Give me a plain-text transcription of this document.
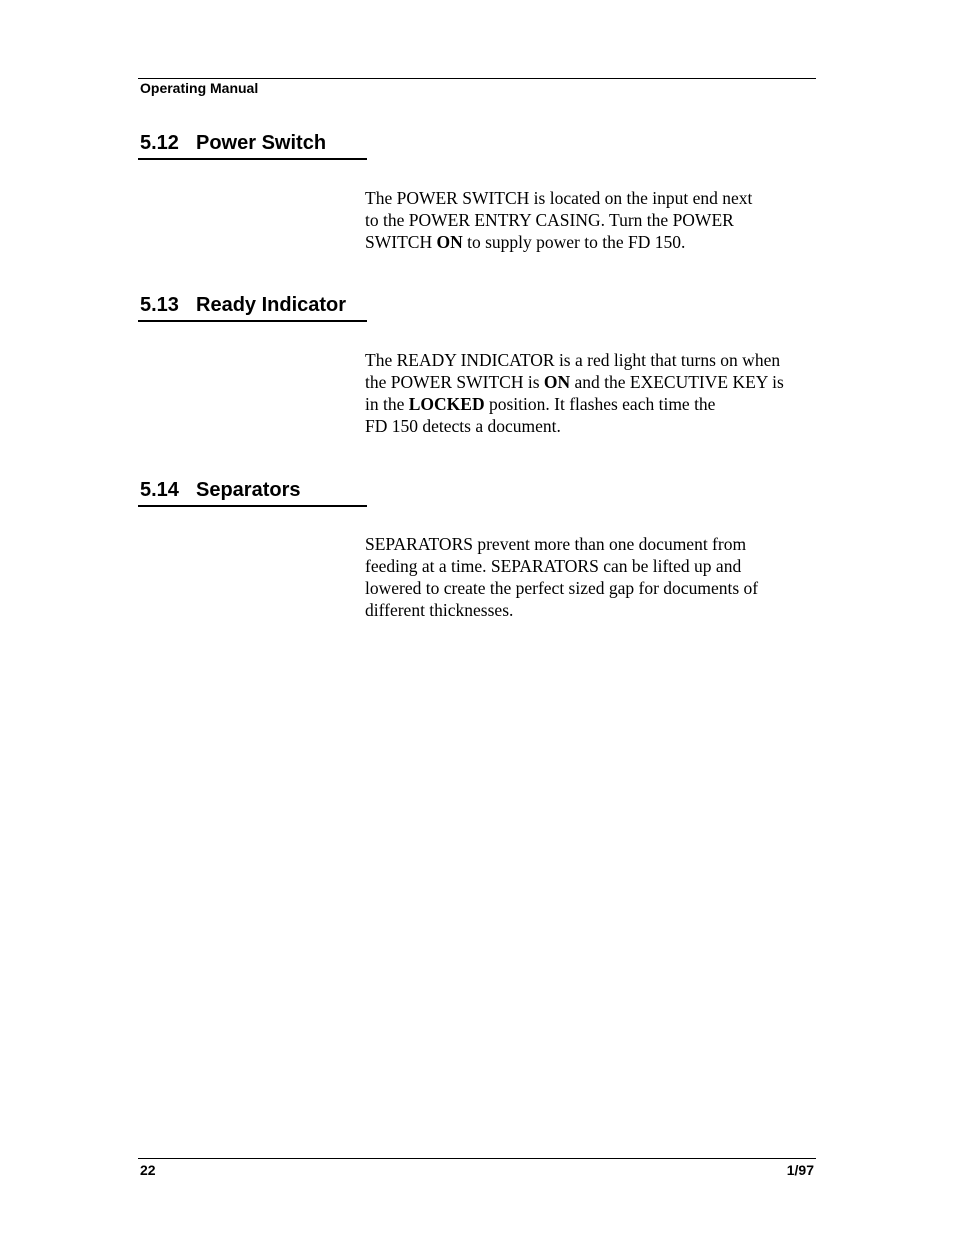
Operating Manual
5.12 Power Switch

The POWER SWITCH is located on the input end next
to the POWER ENTRY CASING. Turn the POWER
SWITCH ON to supply power to the FD 150.

5.13 Ready Indicator

The READY INDICATOR is a red light that turns on when
the POWER SWITCH is ON and the EXECUTIVE KEY is
in the LOCKED position. It flashes each time the
FD 150 detects a document.

5.14 Separators

SEPARATORS prevent more than one document from
feeding at a time. SEPARATORS can be lifted up and
lowered to create the perfect sized gap for documents of
different thicknesses.

22	1/97
